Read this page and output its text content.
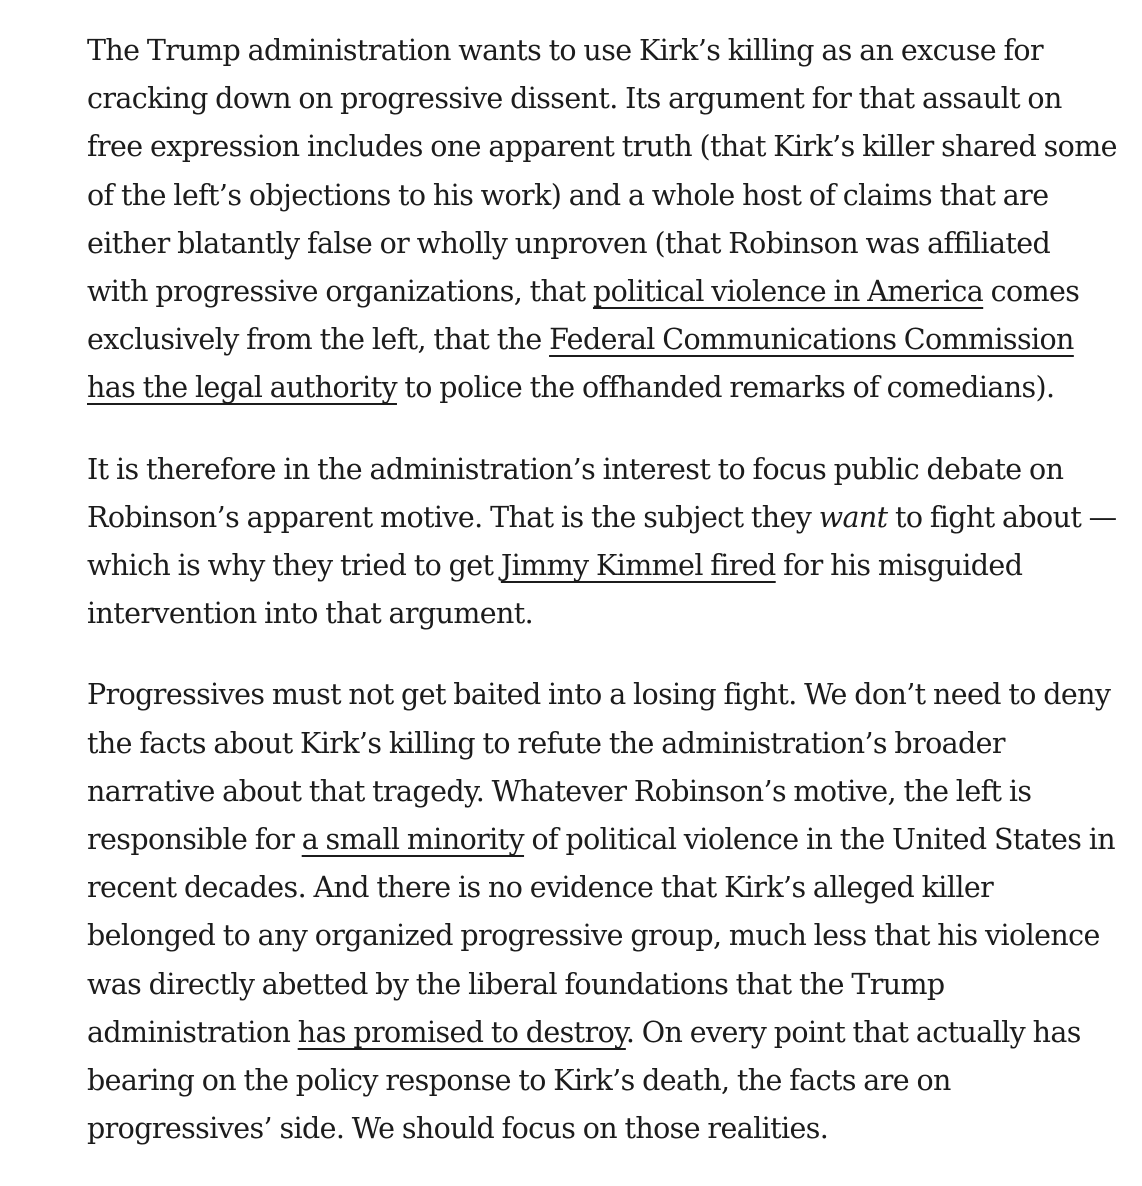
The Trump administration wants to use Kirk’s killing as an excuse for cracking down on progressive dissent. Its argument for that assault on free expression includes one apparent truth (that Kirk’s killer shared some of the left’s objections to his work) and a whole host of claims that are either blatantly false or wholly unproven (that Robinson was affiliated with progressive organizations, that political violence in America comes exclusively from the left, that the Federal Communications Commission has the legal authority to police the offhanded remarks of comedians).

It is therefore in the administration’s interest to focus public debate on Robinson’s apparent motive. That is the subject they want to fight about — which is why they tried to get Jimmy Kimmel fired for his misguided intervention into that argument.

Progressives must not get baited into a losing fight. We don’t need to deny the facts about Kirk’s killing to refute the administration’s broader narrative about that tragedy. Whatever Robinson’s motive, the left is responsible for a small minority of political violence in the United States in recent decades. And there is no evidence that Kirk’s alleged killer belonged to any organized progressive group, much less that his violence was directly abetted by the liberal foundations that the Trump administration has promised to destroy. On every point that actually has bearing on the policy response to Kirk’s death, the facts are on progressives’ side. We should focus on those realities.
